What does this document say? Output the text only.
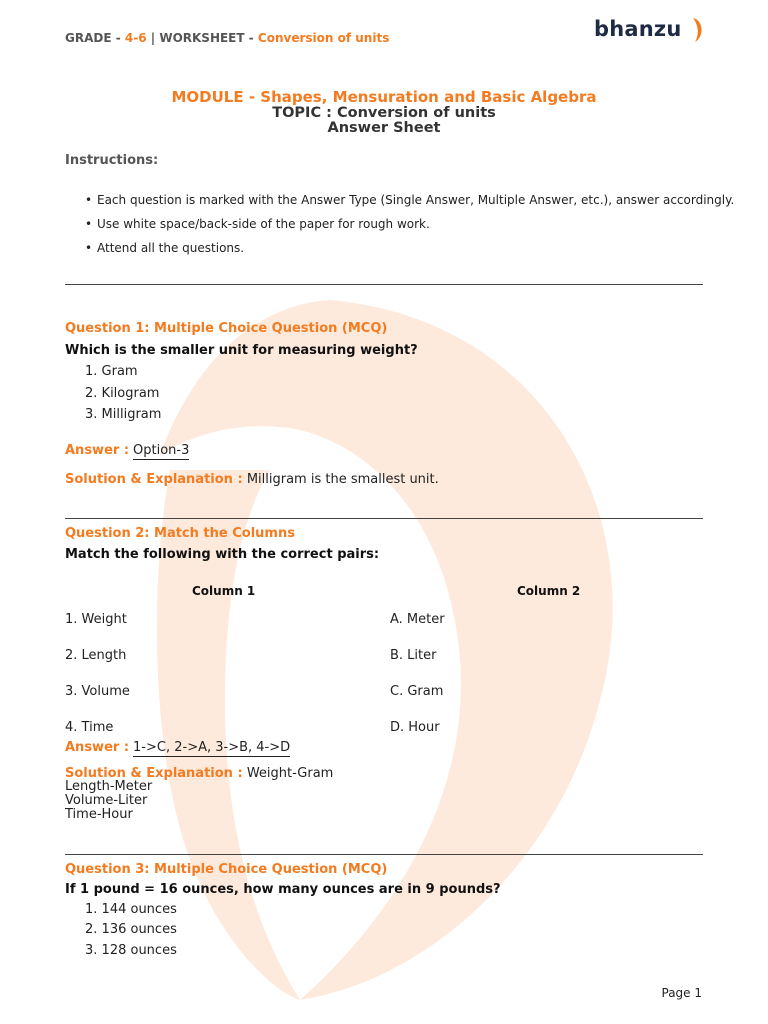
GRADE - 4-6 | WORKSHEET - Conversion of units	bhanzu
MODULE - Shapes, Mensuration and Basic Algebra
TOPIC : Conversion of units
Answer Sheet
Instructions:
• Each question is marked with the Answer Type (Single Answer, Multiple Answer, etc.), answer accordingly.
• Use white space/back-side of the paper for rough work.
• Attend all the questions.
Question 1: Multiple Choice Question (MCQ)
Which is the smaller unit for measuring weight?
1. Gram
2. Kilogram
3. Milligram
Answer : Option-3
Solution & Explanation : Milligram is the smallest unit.
Question 2: Match the Columns
Match the following with the correct pairs:
Column 1	Column 2
1. Weight	A. Meter
2. Length	B. Liter
3. Volume	C. Gram
4. Time	D. Hour
Answer : 1->C, 2->A, 3->B, 4->D
Solution & Explanation : Weight-Gram
Length-Meter
Volume-Liter
Time-Hour
Question 3: Multiple Choice Question (MCQ)
If 1 pound = 16 ounces, how many ounces are in 9 pounds?
1. 144 ounces
2. 136 ounces
3. 128 ounces
Page 1
